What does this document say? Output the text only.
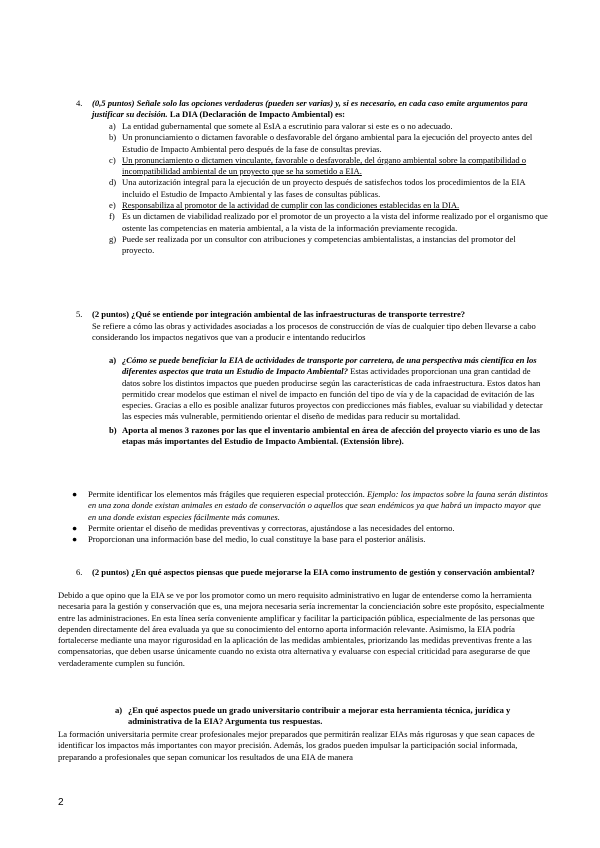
4. (0,5 puntos) Señale solo las opciones verdaderas (pueden ser varias) y, si es necesario, en cada caso emite argumentos para justificar su decisión. La DIA (Declaración de Impacto Ambiental) es:
a) La entidad gubernamental que somete al EsIA a escrutinio para valorar si este es o no adecuado.
b) Un pronunciamiento o dictamen favorable o desfavorable del órgano ambiental para la ejecución del proyecto antes del Estudio de Impacto Ambiental pero después de la fase de consultas previas.
c) Un pronunciamiento o dictamen vinculante, favorable o desfavorable, del órgano ambiental sobre la compatibilidad o incompatibilidad ambiental de un proyecto que se ha sometido a EIA.
d) Una autorización integral para la ejecución de un proyecto después de satisfechos todos los procedimientos de la EIA incluido el Estudio de Impacto Ambiental y las fases de consultas públicas.
e) Responsabiliza al promotor de la actividad de cumplir con las condiciones establecidas en la DIA.
f) Es un dictamen de viabilidad realizado por el promotor de un proyecto a la vista del informe realizado por el organismo que ostente las competencias en materia ambiental, a la vista de la información previamente recogida.
g) Puede ser realizada por un consultor con atribuciones y competencias ambientalistas, a instancias del promotor del proyecto.
5. (2 puntos) ¿Qué se entiende por integración ambiental de las infraestructuras de transporte terrestre?
Se refiere a cómo las obras y actividades asociadas a los procesos de construcción de vías de cualquier tipo deben llevarse a cabo considerando los impactos negativos que van a producir e intentando reducirlos
a) ¿Cómo se puede beneficiar la EIA de actividades de transporte por carretera, de una perspectiva más científica en los diferentes aspectos que trata un Estudio de Impacto Ambiental? Estas actividades proporcionan una gran cantidad de datos sobre los distintos impactos que pueden producirse según las características de cada infraestructura. Estos datos han permitido crear modelos que estiman el nivel de impacto en función del tipo de vía y de la capacidad de evitación de las especies. Gracias a ello es posible analizar futuros proyectos con predicciones más fiables, evaluar su viabilidad y detectar las especies más vulnerable, permitiendo orientar el diseño de medidas para reducir su mortalidad.
b) Aporta al menos 3 razones por las que el inventario ambiental en área de afección del proyecto viario es uno de las etapas más importantes del Estudio de Impacto Ambiental. (Extensión libre).
● Permite identificar los elementos más frágiles que requieren especial protección. Ejemplo: los impactos sobre la fauna serán distintos en una zona donde existan animales en estado de conservación o aquellos que sean endémicos ya que habrá un impacto mayor que en una donde existan especies fácilmente más comunes.
● Permite orientar el diseño de medidas preventivas y correctoras, ajustándose a las necesidades del entorno.
● Proporcionan una información base del medio, lo cual constituye la base para el posterior análisis.
6. (2 puntos) ¿En qué aspectos piensas que puede mejorarse la EIA como instrumento de gestión y conservación ambiental?
Debido a que opino que la EIA se ve por los promotor como un mero requisito administrativo en lugar de entenderse como la herramienta necesaria para la gestión y conservación que es, una mejora necesaria sería incrementar la concienciación sobre este propósito, especialmente entre las administraciones. En esta línea sería conveniente amplificar y facilitar la participación pública, especialmente de las personas que dependen directamente del área evaluada ya que su conocimiento del entorno aporta información relevante. Asimismo, la EIA podría fortalecerse mediante una mayor rigurosidad en la aplicación de las medidas ambientales, priorizando las medidas preventivas frente a las compensatorias, que deben usarse únicamente cuando no exista otra alternativa y evaluarse con especial criticidad para asegurarse de que verdaderamente cumplen su función.
a) ¿En qué aspectos puede un grado universitario contribuir a mejorar esta herramienta técnica, jurídica y administrativa de la EIA? Argumenta tus respuestas.
La formación universitaria permite crear profesionales mejor preparados que permitirán realizar EIAs más rigurosas y que sean capaces de identificar los impactos más importantes con mayor precisión. Además, los grados pueden impulsar la participación social informada, preparando a profesionales que sepan comunicar los resultados de una EIA de manera
2
